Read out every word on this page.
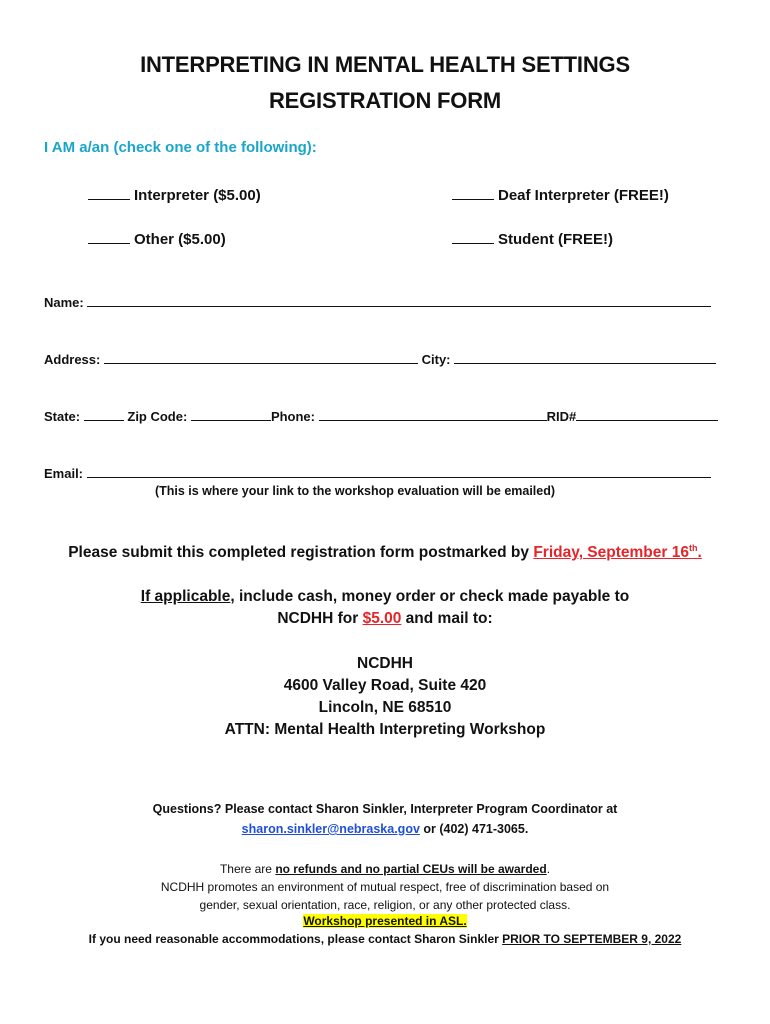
INTERPRETING IN MENTAL HEALTH SETTINGS
REGISTRATION FORM
I AM a/an (check one of the following):
Interpreter ($5.00)	Deaf Interpreter (FREE!)
Other ($5.00)	Student (FREE!)
Name:
Address:	City:
State:	Zip Code:	Phone:	RID#
Email:
(This is where your link to the workshop evaluation will be emailed)
Please submit this completed registration form postmarked by Friday, September 16th.
If applicable, include cash, money order or check made payable to
NCDHH for $5.00 and mail to:
NCDHH
4600 Valley Road, Suite 420
Lincoln, NE 68510
ATTN: Mental Health Interpreting Workshop
Questions? Please contact Sharon Sinkler, Interpreter Program Coordinator at
sharon.sinkler@nebraska.gov or (402) 471-3065.
There are no refunds and no partial CEUs will be awarded.
NCDHH promotes an environment of mutual respect, free of discrimination based on
gender, sexual orientation, race, religion, or any other protected class.
Workshop presented in ASL.
If you need reasonable accommodations, please contact Sharon Sinkler PRIOR TO SEPTEMBER 9, 2022
